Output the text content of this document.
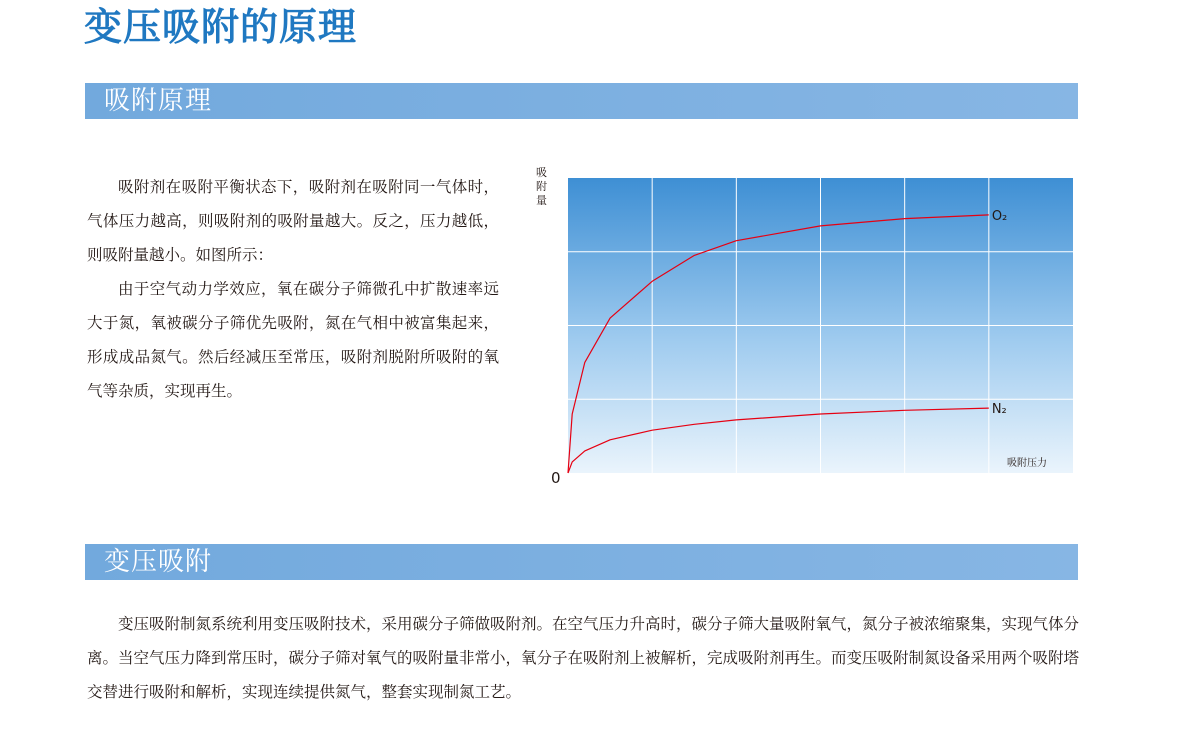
变压吸附的原理
吸附原理

吸附剂在吸附平衡状态下，吸附剂在吸附同一气体时，气体压力越高，则吸附剂的吸附量越大。反之，压力越低，则吸附量越小。如图所示：

由于空气动力学效应，氧在碳分子筛微孔中扩散速率远大于氮，氧被碳分子筛优先吸附，氮在气相中被富集起来，形成成品氮气。然后经减压至常压，吸附剂脱附所吸附的氧气等杂质，实现再生。

吸
附
量
O₂
N₂
0
吸附压力
变压吸附

变压吸附制氮系统利用变压吸附技术，采用碳分子筛做吸附剂。在空气压力升高时，碳分子筛大量吸附氧气，氮分子被浓缩聚集，实现气体分离。当空气压力降到常压时，碳分子筛对氧气的吸附量非常小，氧分子在吸附剂上被解析，完成吸附剂再生。而变压吸附制氮设备采用两个吸附塔交替进行吸附和解析，实现连续提供氮气，整套实现制氮工艺。
